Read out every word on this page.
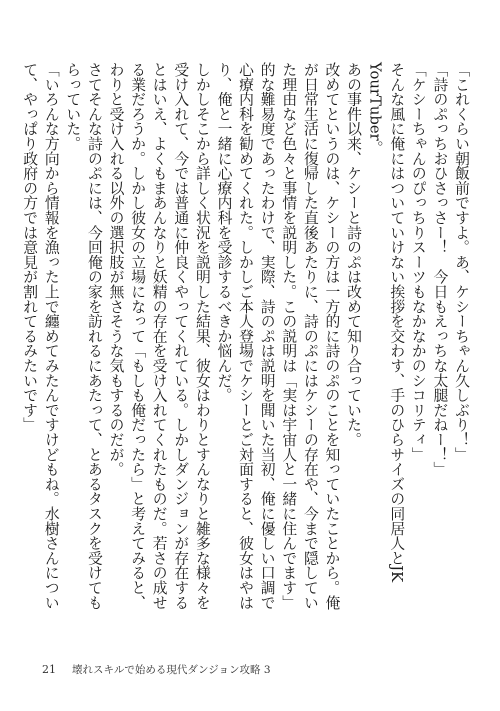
「これくらい朝飯前ですよ。あ、ケシーちゃん久しぶり！」

「詩のぷっちおひさっさー！　今日もえっちな太腿だねー！」

「ケシーちゃんのぴっちりスーツもなかなかのシコリティ」

そんな風に俺にはついていけない挨拶を交わす、手のひらサイズの同居人とJK YourTuber。

あの事件以来、ケシーと詩のぷは改めて知り合っていた。

改めてというのは、ケシーの方は一方的に詩のぷのことを知っていたことから。俺が日常生活に復帰した直後あたりに、詩のぷにはケシーの存在や、今まで隠していた理由など色々と事情を説明した。この説明は「実は宇宙人と一緒に住んでます」的な難易度であったわけで、実際、詩のぷは説明を聞いた当初、俺に優しい口調で心療内科を勧めてくれた。しかしご本人登場でケシーとご対面すると、彼女はやはり、俺と一緒に心療内科を受診するべきか悩んだ。

しかしそこから詳しく状況を説明した結果、彼女はわりとすんなりと雑多な様々を受け入れて、今では普通に仲良くやってくれている。しかしダンジョンが存在するとはいえ、よくもまあんなりと妖精の存在を受け入れてくれたものだ。若さの成せる業だろうか。しかし彼女の立場になって「もしも俺だったら」と考えてみると、わりと受け入れる以外の選択肢が無さそうな気もするのだが。

さてそんな詩のぷには、今回俺の家を訪れるにあたって、とあるタスクを受けてもらっていた。

「いろんな方向から情報を漁った上で纏めてみたんですけどもね。水樹さんについて、やっぱり政府の方では意見が割れてるみたいです」

21 壊れスキルで始める現代ダンジョン攻略 3
